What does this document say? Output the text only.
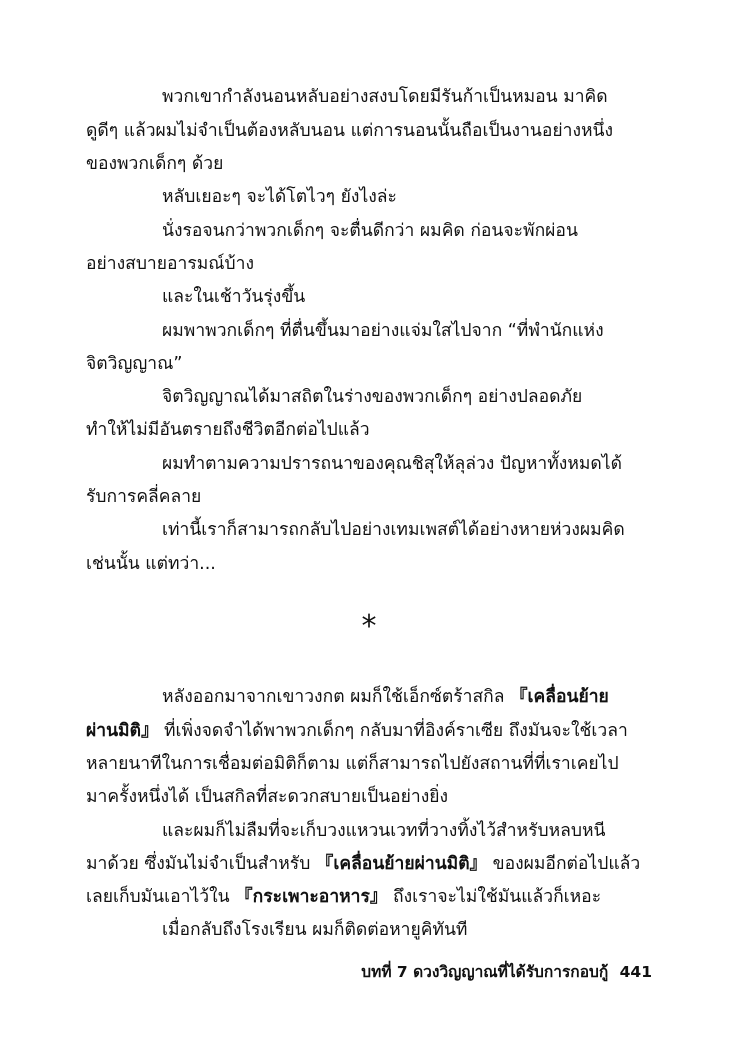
พวกเขากำลังนอนหลับอย่างสงบโดยมีรันก้าเป็นหมอน มาคิด
ดูดีๆ แล้วผมไม่จำเป็นต้องหลับนอน แต่การนอนนั้นถือเป็นงานอย่างหนึ่ง
ของพวกเด็กๆ ด้วย
หลับเยอะๆ จะได้โตไวๆ ยังไงล่ะ
นั่งรอจนกว่าพวกเด็กๆ จะตื่นดีกว่า ผมคิด ก่อนจะพักผ่อน
อย่างสบายอารมณ์บ้าง
และในเช้าวันรุ่งขึ้น
ผมพาพวกเด็กๆ ที่ตื่นขึ้นมาอย่างแจ่มใสไปจาก “ที่พำนักแห่ง
จิตวิญญาณ”
จิตวิญญาณได้มาสถิตในร่างของพวกเด็กๆ อย่างปลอดภัย
ทำให้ไม่มีอันตรายถึงชีวิตอีกต่อไปแล้ว
ผมทำตามความปรารถนาของคุณชิสุให้ลุล่วง ปัญหาทั้งหมดได้
รับการคลี่คลาย
เท่านี้เราก็สามารถกลับไปอย่างเทมเพสต์ได้อย่างหายห่วงผมคิด
เช่นนั้น แต่ทว่า...
*
หลังออกมาจากเขาวงกต ผมก็ใช้เอ็กซ์ตร้าสกิล 『เคลื่อนย้าย
ผ่านมิติ』 ที่เพิ่งจดจำได้พาพวกเด็กๆ กลับมาที่อิงค์ราเซีย ถึงมันจะใช้เวลา
หลายนาทีในการเชื่อมต่อมิติก็ตาม แต่ก็สามารถไปยังสถานที่ที่เราเคยไป
มาครั้งหนึ่งได้ เป็นสกิลที่สะดวกสบายเป็นอย่างยิ่ง
และผมก็ไม่ลืมที่จะเก็บวงแหวนเวทที่วางทิ้งไว้สำหรับหลบหนี
มาด้วย ซึ่งมันไม่จำเป็นสำหรับ 『เคลื่อนย้ายผ่านมิติ』 ของผมอีกต่อไปแล้ว
เลยเก็บมันเอาไว้ใน 『กระเพาะอาหาร』 ถึงเราจะไม่ใช้มันแล้วก็เหอะ
เมื่อกลับถึงโรงเรียน ผมก็ติดต่อหายูคิทันที
บทที่ 7 ดวงวิญญาณที่ได้รับการกอบกู้ 441
